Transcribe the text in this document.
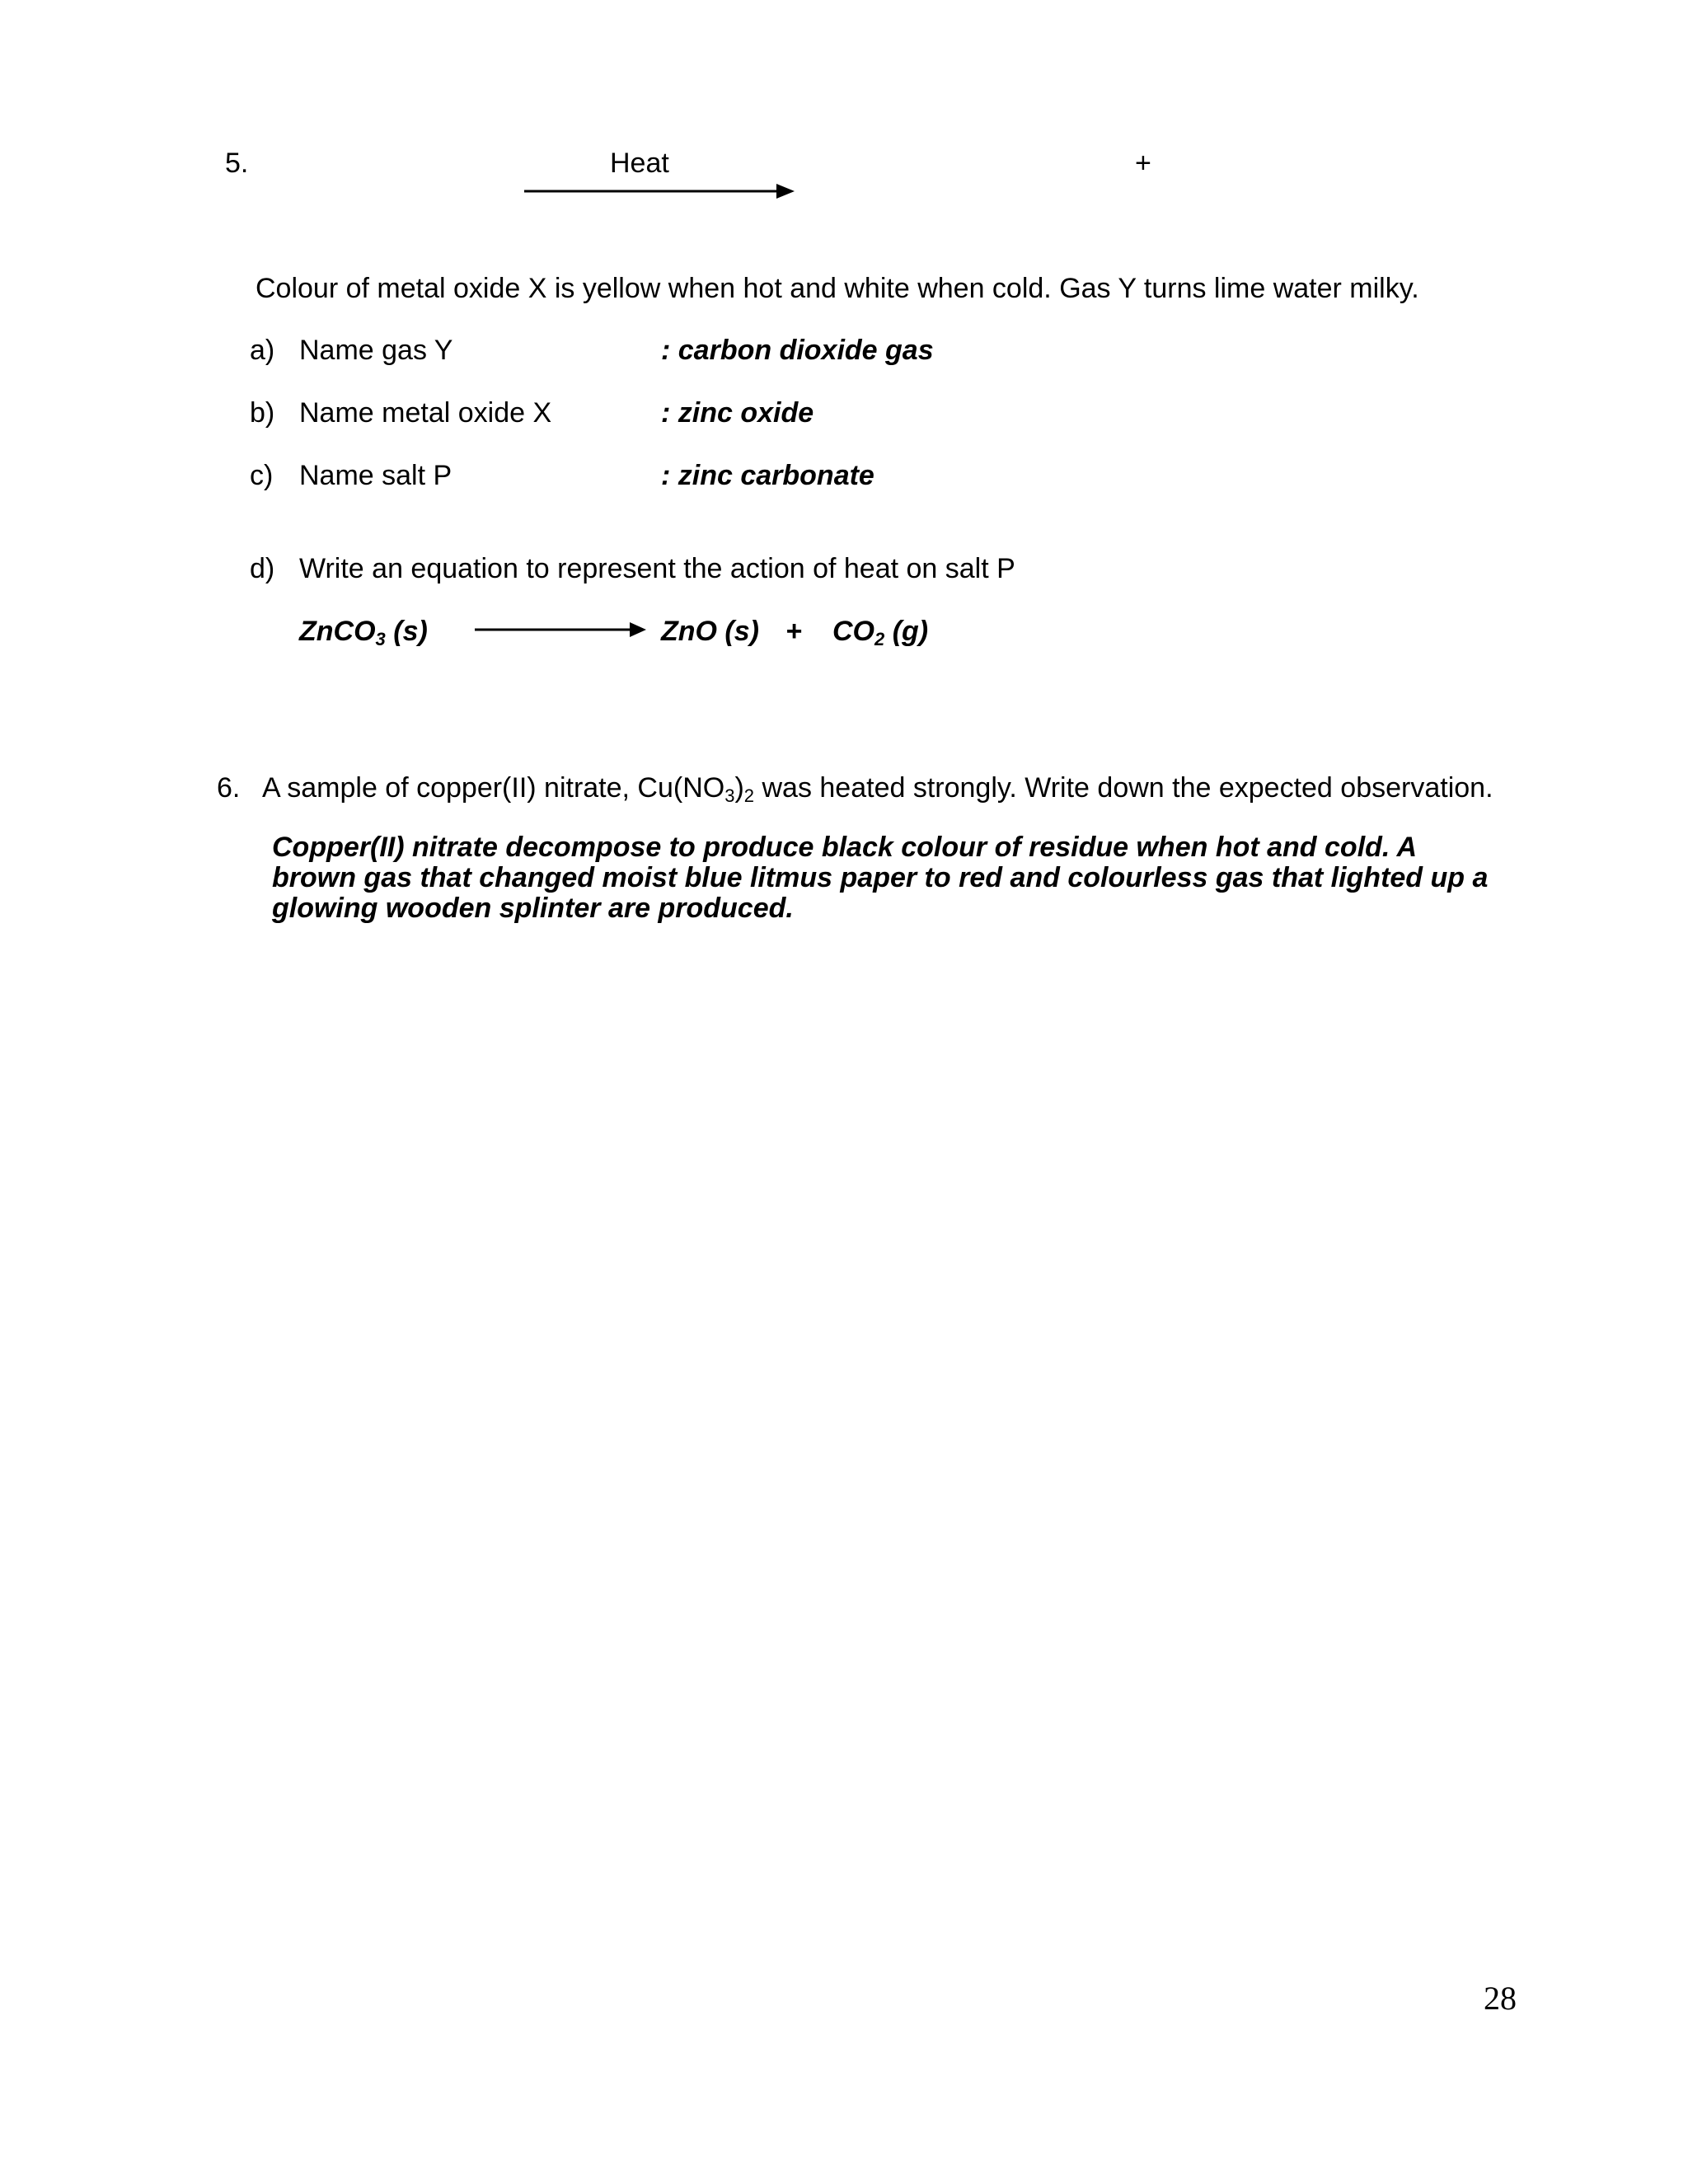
5.	Heat	+
Colour of metal oxide X is yellow when hot and white when cold. Gas Y turns lime water milky.
a) Name gas Y	: carbon dioxide gas
b) Name metal oxide X	: zinc oxide
c) Name salt P	: zinc carbonate
d) Write an equation to represent the action of heat on salt P
ZnCO$_3$ (s)	ZnO $(s) + CO_2$ (g)
6. A sample of copper(II) nitrate, $Cu(NO_3)_2$ was heated strongly. Write down the expected observation.
Copper(II) nitrate decompose to produce black colour of residue when hot and cold. A brown gas that changed moist blue litmus paper to red and colourless gas that lighted up a glowing wooden splinter are produced.
28
